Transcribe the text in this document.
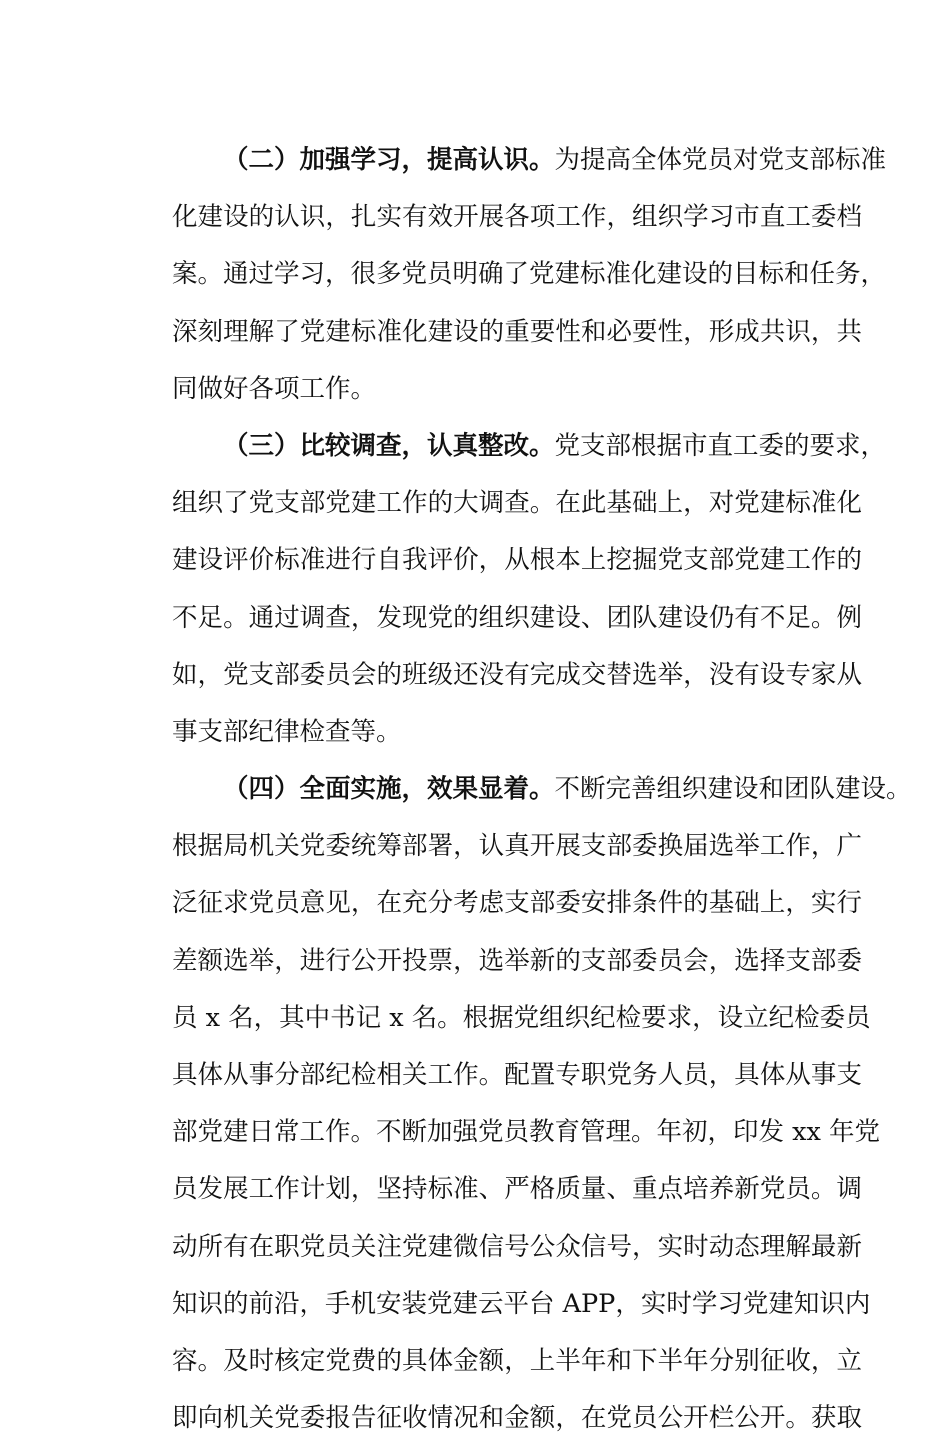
（二）加强学习，提高认识。为提高全体党员对党支部标准
化建设的认识，扎实有效开展各项工作，组织学习市直工委档
案。通过学习，很多党员明确了党建标准化建设的目标和任务，
深刻理解了党建标准化建设的重要性和必要性，形成共识，共
同做好各项工作。
（三）比较调查，认真整改。党支部根据市直工委的要求，
组织了党支部党建工作的大调查。在此基础上，对党建标准化
建设评价标准进行自我评价，从根本上挖掘党支部党建工作的
不足。通过调查，发现党的组织建设、团队建设仍有不足。例
如，党支部委员会的班级还没有完成交替选举，没有设专家从
事支部纪律检查等。
（四）全面实施，效果显着。不断完善组织建设和团队建设。
根据局机关党委统筹部署，认真开展支部委换届选举工作，广
泛征求党员意见，在充分考虑支部委安排条件的基础上，实行
差额选举，进行公开投票，选举新的支部委员会，选择支部委
员 x 名，其中书记 x 名。根据党组织纪检要求，设立纪检委员
具体从事分部纪检相关工作。配置专职党务人员，具体从事支
部党建日常工作。不断加强党员教育管理。年初，印发 xx 年党
员发展工作计划，坚持标准、严格质量、重点培养新党员。调
动所有在职党员关注党建微信号公众信号，实时动态理解最新
知识的前沿，手机安装党建云平台 APP，实时学习党建知识内
容。及时核定党费的具体金额，上半年和下半年分别征收，立
即向机关党委报告征收情况和金额，在党员公开栏公开。获取
